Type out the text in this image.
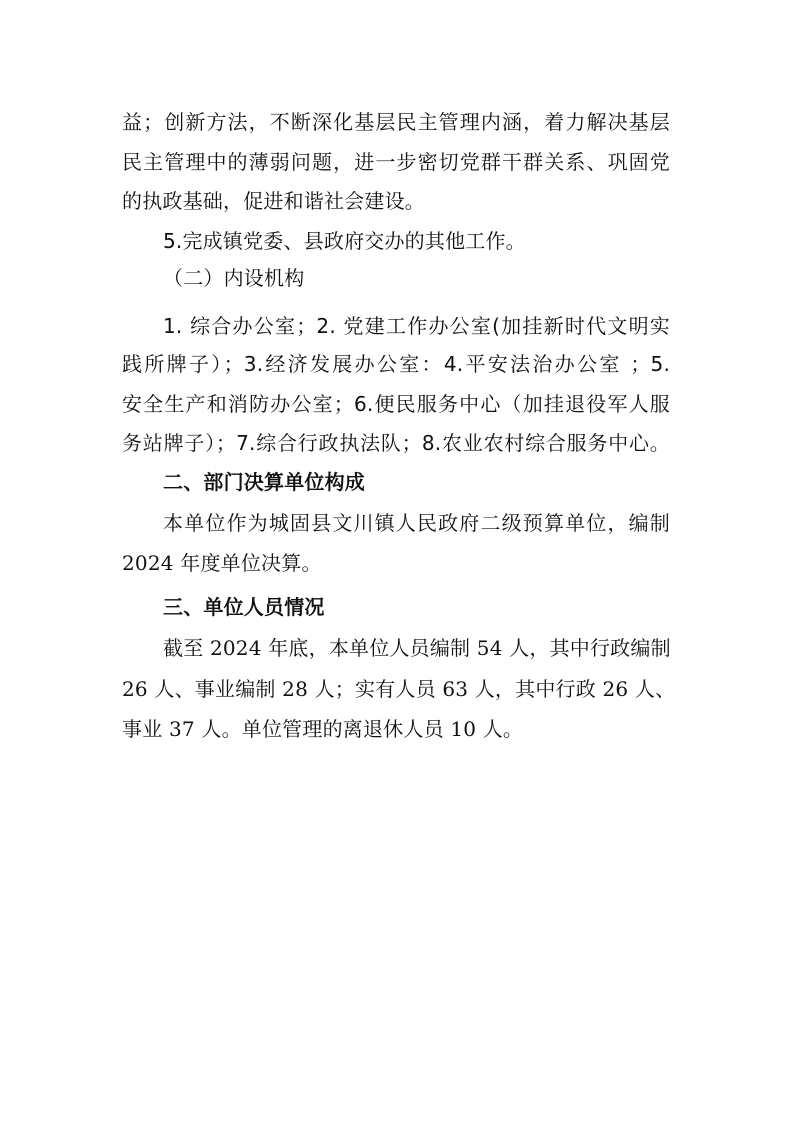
益；创新方法，不断深化基层民主管理内涵，着力解决基层
民主管理中的薄弱问题，进一步密切党群干群关系、巩固党
的执政基础，促进和谐社会建设。
5.完成镇党委、县政府交办的其他工作。
（二）内设机构
1. 综合办公室；2. 党建工作办公室(加挂新时代文明实
践所牌子）；3.经济发展办公室：4.平安法治办公室 ；5.
安全生产和消防办公室；6.便民服务中心（加挂退役军人服
务站牌子）；7.综合行政执法队；8.农业农村综合服务中心。
二、部门决算单位构成
本单位作为城固县文川镇人民政府二级预算单位，编制
2024 年度单位决算。
三、单位人员情况
截至 2024 年底，本单位人员编制 54 人，其中行政编制
26 人、事业编制 28 人；实有人员 63 人，其中行政 26 人、
事业 37 人。单位管理的离退休人员 10 人。
